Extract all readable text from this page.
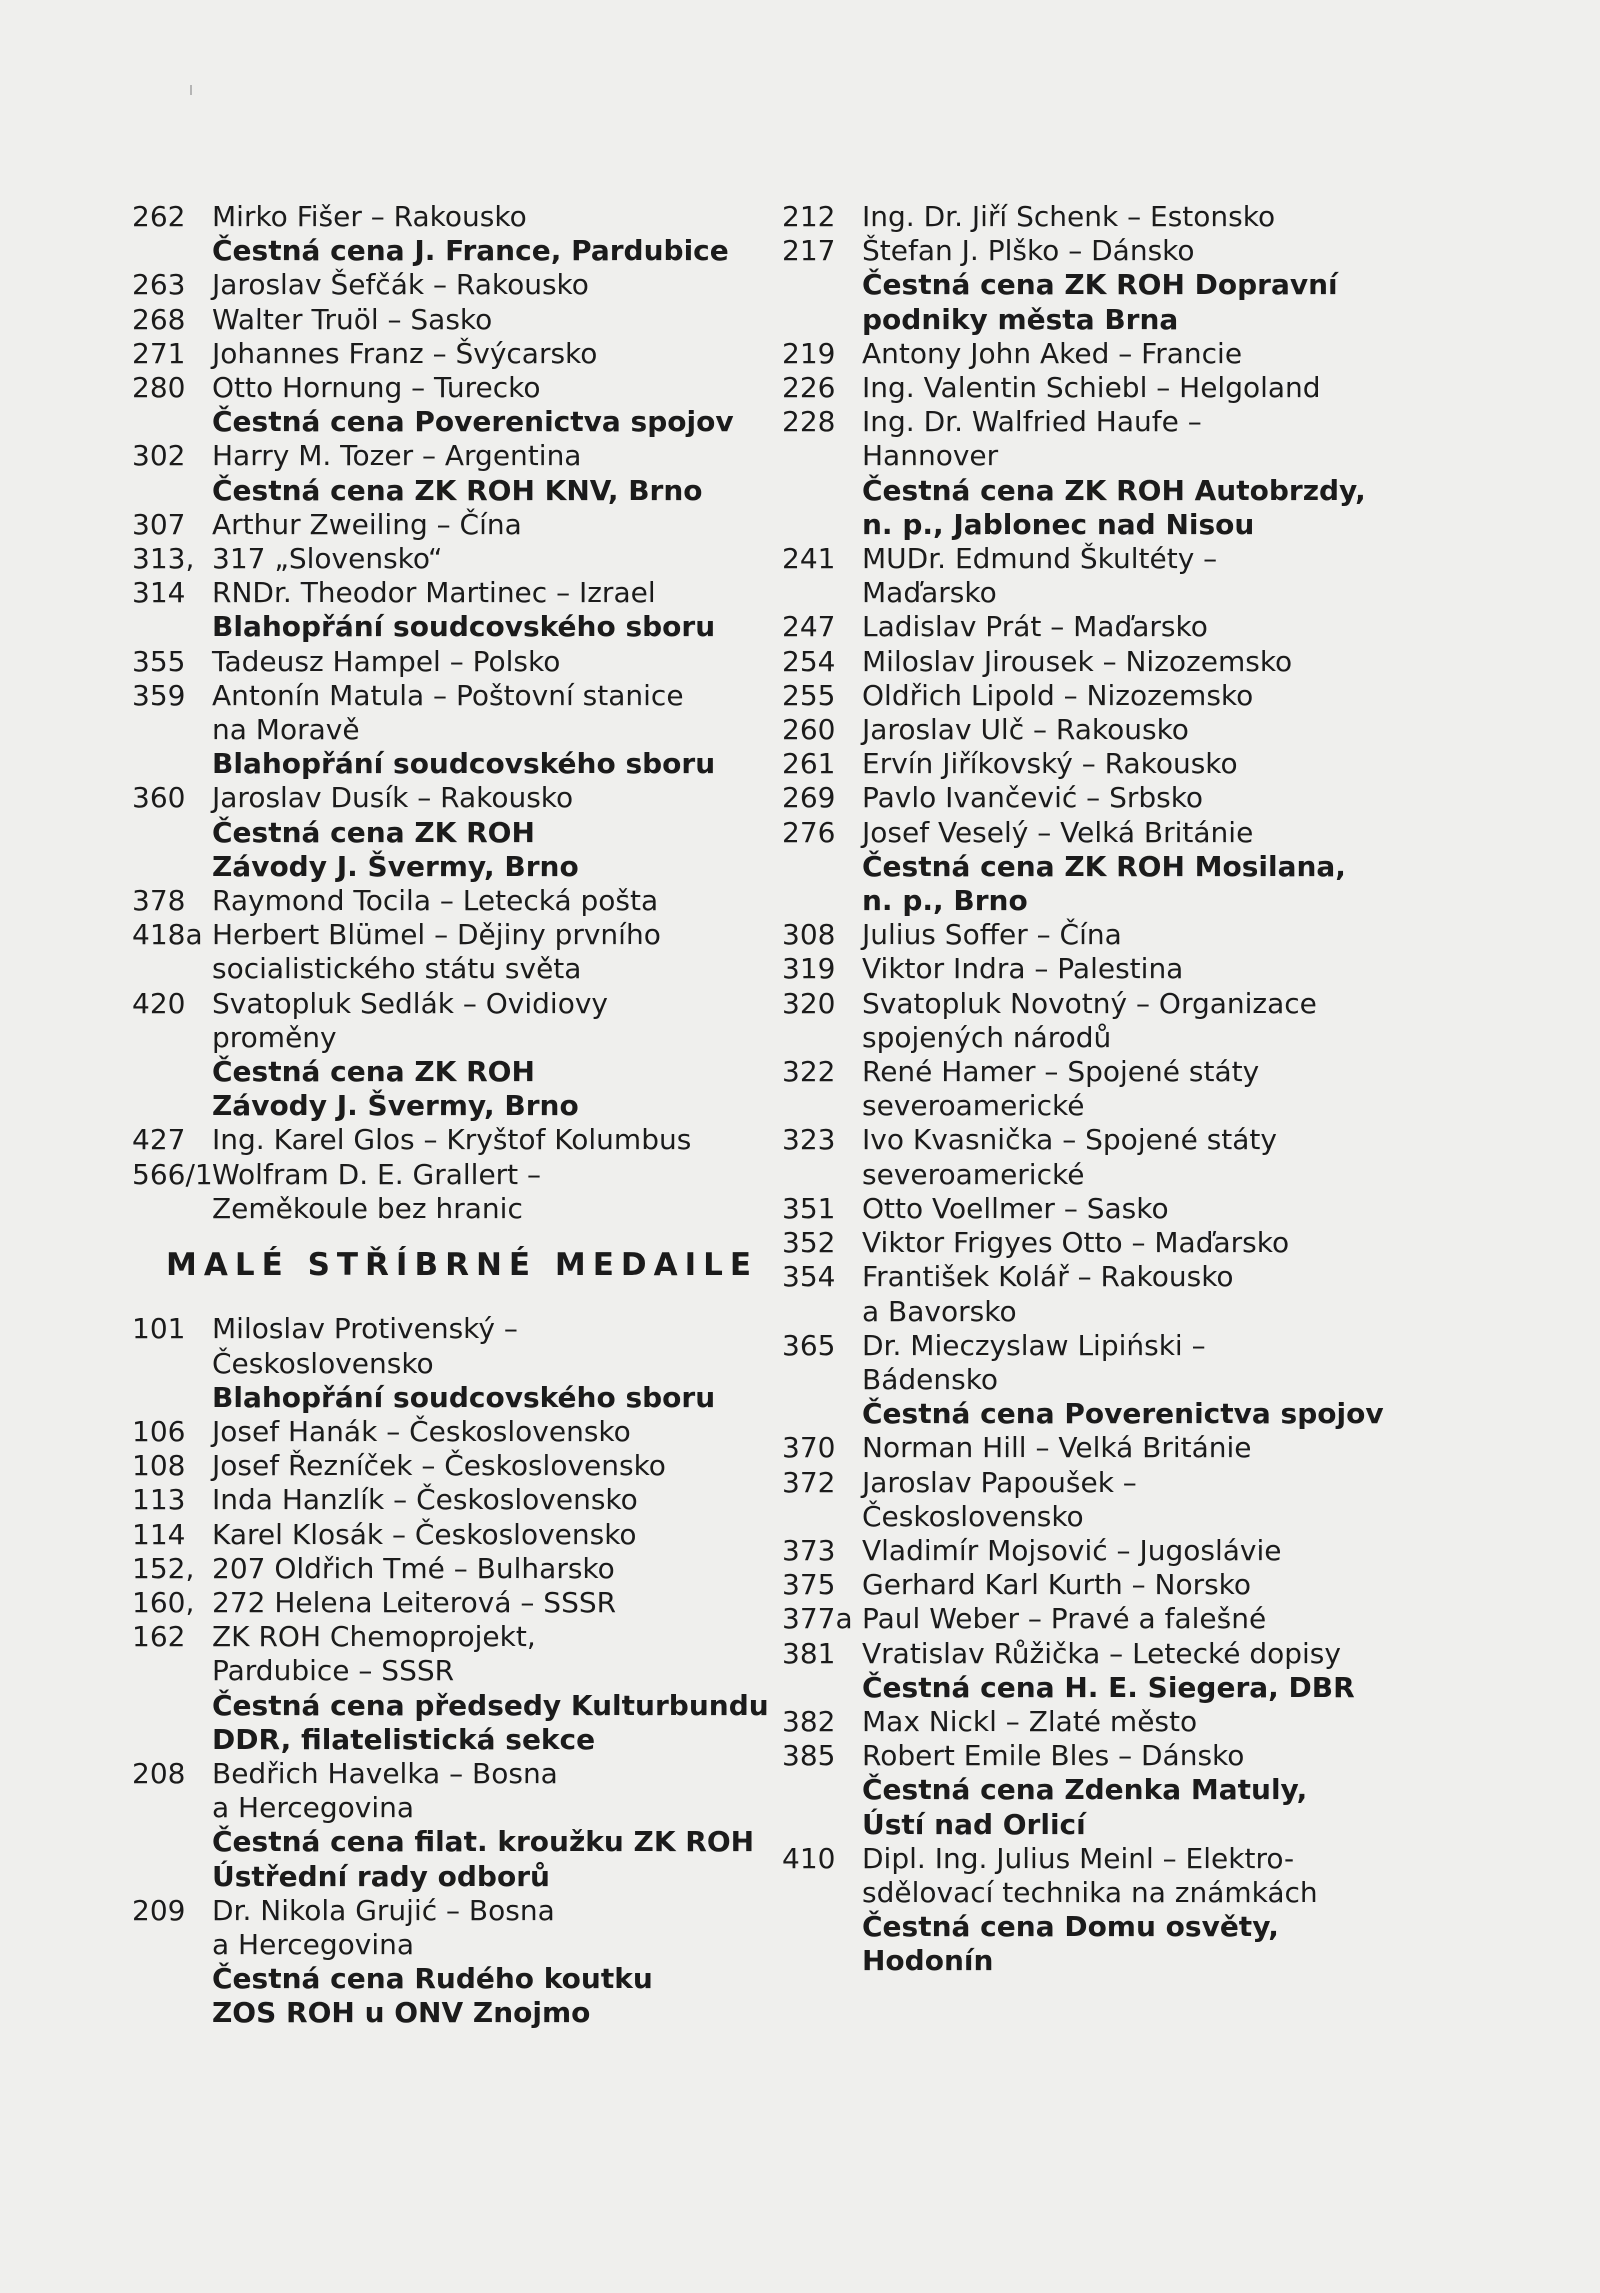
262 Mirko Fišer – Rakousko
Čestná cena J. France, Pardubice
263 Jaroslav Šefčák – Rakousko
268 Walter Truöl – Sasko
271 Johannes Franz – Švýcarsko
280 Otto Hornung – Turecko
Čestná cena Poverenictva spojov
302 Harry M. Tozer – Argentina
Čestná cena ZK ROH KNV, Brno
307 Arthur Zweiling – Čína
313, 317 „Slovensko“
314 RNDr. Theodor Martinec – Izrael
Blahopřání soudcovského sboru
355 Tadeusz Hampel – Polsko
359 Antonín Matula – Poštovní stanice
na Moravě
Blahopřání soudcovského sboru
360 Jaroslav Dusík – Rakousko
Čestná cena ZK ROH
Závody J. Švermy, Brno
378 Raymond Tocila – Letecká pošta
418a Herbert Blümel – Dějiny prvního
socialistického státu světa
420 Svatopluk Sedlák – Ovidiovy
proměny
Čestná cena ZK ROH
Závody J. Švermy, Brno
427 Ing. Karel Glos – Kryštof Kolumbus
566/1 Wolfram D. E. Grallert –
Zeměkoule bez hranic
MALÉ STŘÍBRNÉ MEDAILE
101 Miloslav Protivenský –
Československo
Blahopřání soudcovského sboru
106 Josef Hanák – Československo
108 Josef Řezníček – Československo
113 Inda Hanzlík – Československo
114 Karel Klosák – Československo
152, 207 Oldřich Tmé – Bulharsko
160, 272 Helena Leiterová – SSSR
162 ZK ROH Chemoprojekt,
Pardubice – SSSR
Čestná cena předsedy Kulturbundu
DDR, filatelistická sekce
208 Bedřich Havelka – Bosna
a Hercegovina
Čestná cena filat. kroužku ZK ROH
Ústřední rady odborů
209 Dr. Nikola Grujić – Bosna
a Hercegovina
Čestná cena Rudého koutku
ZOS ROH u ONV Znojmo
212 Ing. Dr. Jiří Schenk – Estonsko
217 Štefan J. Plško – Dánsko
Čestná cena ZK ROH Dopravní
podniky města Brna
219 Antony John Aked – Francie
226 Ing. Valentin Schiebl – Helgoland
228 Ing. Dr. Walfried Haufe –
Hannover
Čestná cena ZK ROH Autobrzdy,
n. p., Jablonec nad Nisou
241 MUDr. Edmund Škultéty –
Maďarsko
247 Ladislav Prát – Maďarsko
254 Miloslav Jirousek – Nizozemsko
255 Oldřich Lipold – Nizozemsko
260 Jaroslav Ulč – Rakousko
261 Ervín Jiříkovský – Rakousko
269 Pavlo Ivančević – Srbsko
276 Josef Veselý – Velká Británie
Čestná cena ZK ROH Mosilana,
n. p., Brno
308 Julius Soffer – Čína
319 Viktor Indra – Palestina
320 Svatopluk Novotný – Organizace
spojených národů
322 René Hamer – Spojené státy
severoamerické
323 Ivo Kvasnička – Spojené státy
severoamerické
351 Otto Voellmer – Sasko
352 Viktor Frigyes Otto – Maďarsko
354 František Kolář – Rakousko
a Bavorsko
365 Dr. Mieczyslaw Lipiński –
Bádensko
Čestná cena Poverenictva spojov
370 Norman Hill – Velká Británie
372 Jaroslav Papoušek –
Československo
373 Vladimír Mojsović – Jugoslávie
375 Gerhard Karl Kurth – Norsko
377a Paul Weber – Pravé a falešné
381 Vratislav Růžička – Letecké dopisy
Čestná cena H. E. Siegera, DBR
382 Max Nickl – Zlaté město
385 Robert Emile Bles – Dánsko
Čestná cena Zdenka Matuly,
Ústí nad Orlicí
410 Dipl. Ing. Julius Meinl – Elektro-
sdělovací technika na známkách
Čestná cena Domu osvěty,
Hodonín
